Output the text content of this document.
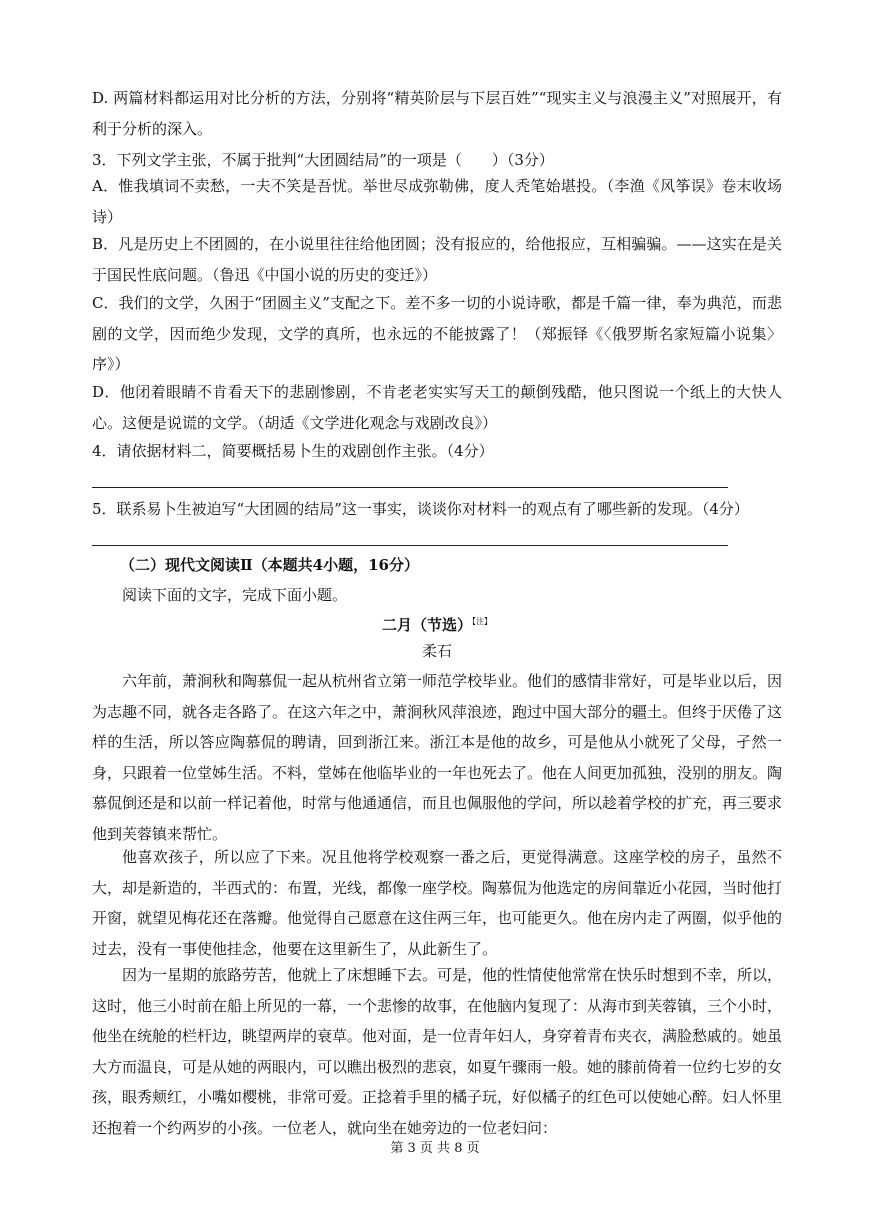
D. 两篇材料都运用对比分析的方法，分别将“精英阶层与下层百姓”“现实主义与浪漫主义”对照展开，有利于分析的深入。

3．下列文学主张，不属于批判“大团圆结局”的一项是（　　）（3分）

A．惟我填词不卖愁，一夫不笑是吾忧。举世尽成弥勒佛，度人秃笔始堪投。（李渔《风筝误》卷末收场诗）

B．凡是历史上不团圆的，在小说里往往给他团圆；没有报应的，给他报应，互相骗骗。——这实在是关于国民性底问题。（鲁迅《中国小说的历史的变迁》）

C．我们的文学，久困于“团圆主义”支配之下。差不多一切的小说诗歌，都是千篇一律，奉为典范，而悲剧的文学，因而绝少发现，文学的真所，也永远的不能披露了！（郑振铎《〈俄罗斯名家短篇小说集〉序》）

D．他闭着眼睛不肯看天下的悲剧惨剧，不肯老老实实写天工的颠倒残酷，他只图说一个纸上的大快人心。这便是说谎的文学。（胡适《文学进化观念与戏剧改良》）

4．请依据材料二，简要概括易卜生的戏剧创作主张。（4分）

5．联系易卜生被迫写“大团圆的结局”这一事实，谈谈你对材料一的观点有了哪些新的发现。（4分）

（二）现代文阅读Ⅱ（本题共4小题，16分）
阅读下面的文字，完成下面小题。
二月（节选）$^{【注】}$
柔石

六年前，萧涧秋和陶慕侃一起从杭州省立第一师范学校毕业。他们的感情非常好，可是毕业以后，因为志趣不同，就各走各路了。在这六年之中，萧涧秋风萍浪迹，跑过中国大部分的疆土。但终于厌倦了这样的生活，所以答应陶慕侃的聘请，回到浙江来。浙江本是他的故乡，可是他从小就死了父母，孑然一身，只跟着一位堂姊生活。不料，堂姊在他临毕业的一年也死去了。他在人间更加孤独，没别的朋友。陶慕侃倒还是和以前一样记着他，时常与他通通信，而且也佩服他的学问，所以趁着学校的扩充，再三要求他到芙蓉镇来帮忙。

他喜欢孩子，所以应了下来。况且他将学校观察一番之后，更觉得满意。这座学校的房子，虽然不大，却是新造的，半西式的：布置，光线，都像一座学校。陶慕侃为他选定的房间靠近小花园，当时他打开窗，就望见梅花还在落瓣。他觉得自己愿意在这住两三年，也可能更久。他在房内走了两圈，似乎他的过去，没有一事使他挂念，他要在这里新生了，从此新生了。

因为一星期的旅路劳苦，他就上了床想睡下去。可是，他的性情使他常常在快乐时想到不幸，所以，这时，他三小时前在船上所见的一幕，一个悲惨的故事，在他脑内复现了：从海市到芙蓉镇，三个小时，他坐在统舱的栏杆边，眺望两岸的衰草。他对面，是一位青年妇人，身穿着青布夹衣，满脸愁戚的。她虽大方而温良，可是从她的两眼内，可以瞧出极烈的悲哀，如夏午骤雨一般。她的膝前倚着一位约七岁的女孩，眼秀颊红，小嘴如樱桃，非常可爱。正捻着手里的橘子玩，好似橘子的红色可以使她心醉。妇人怀里还抱着一个约两岁的小孩。一位老人，就向坐在她旁边的一位老妇问：

第 3 页 共 8 页
